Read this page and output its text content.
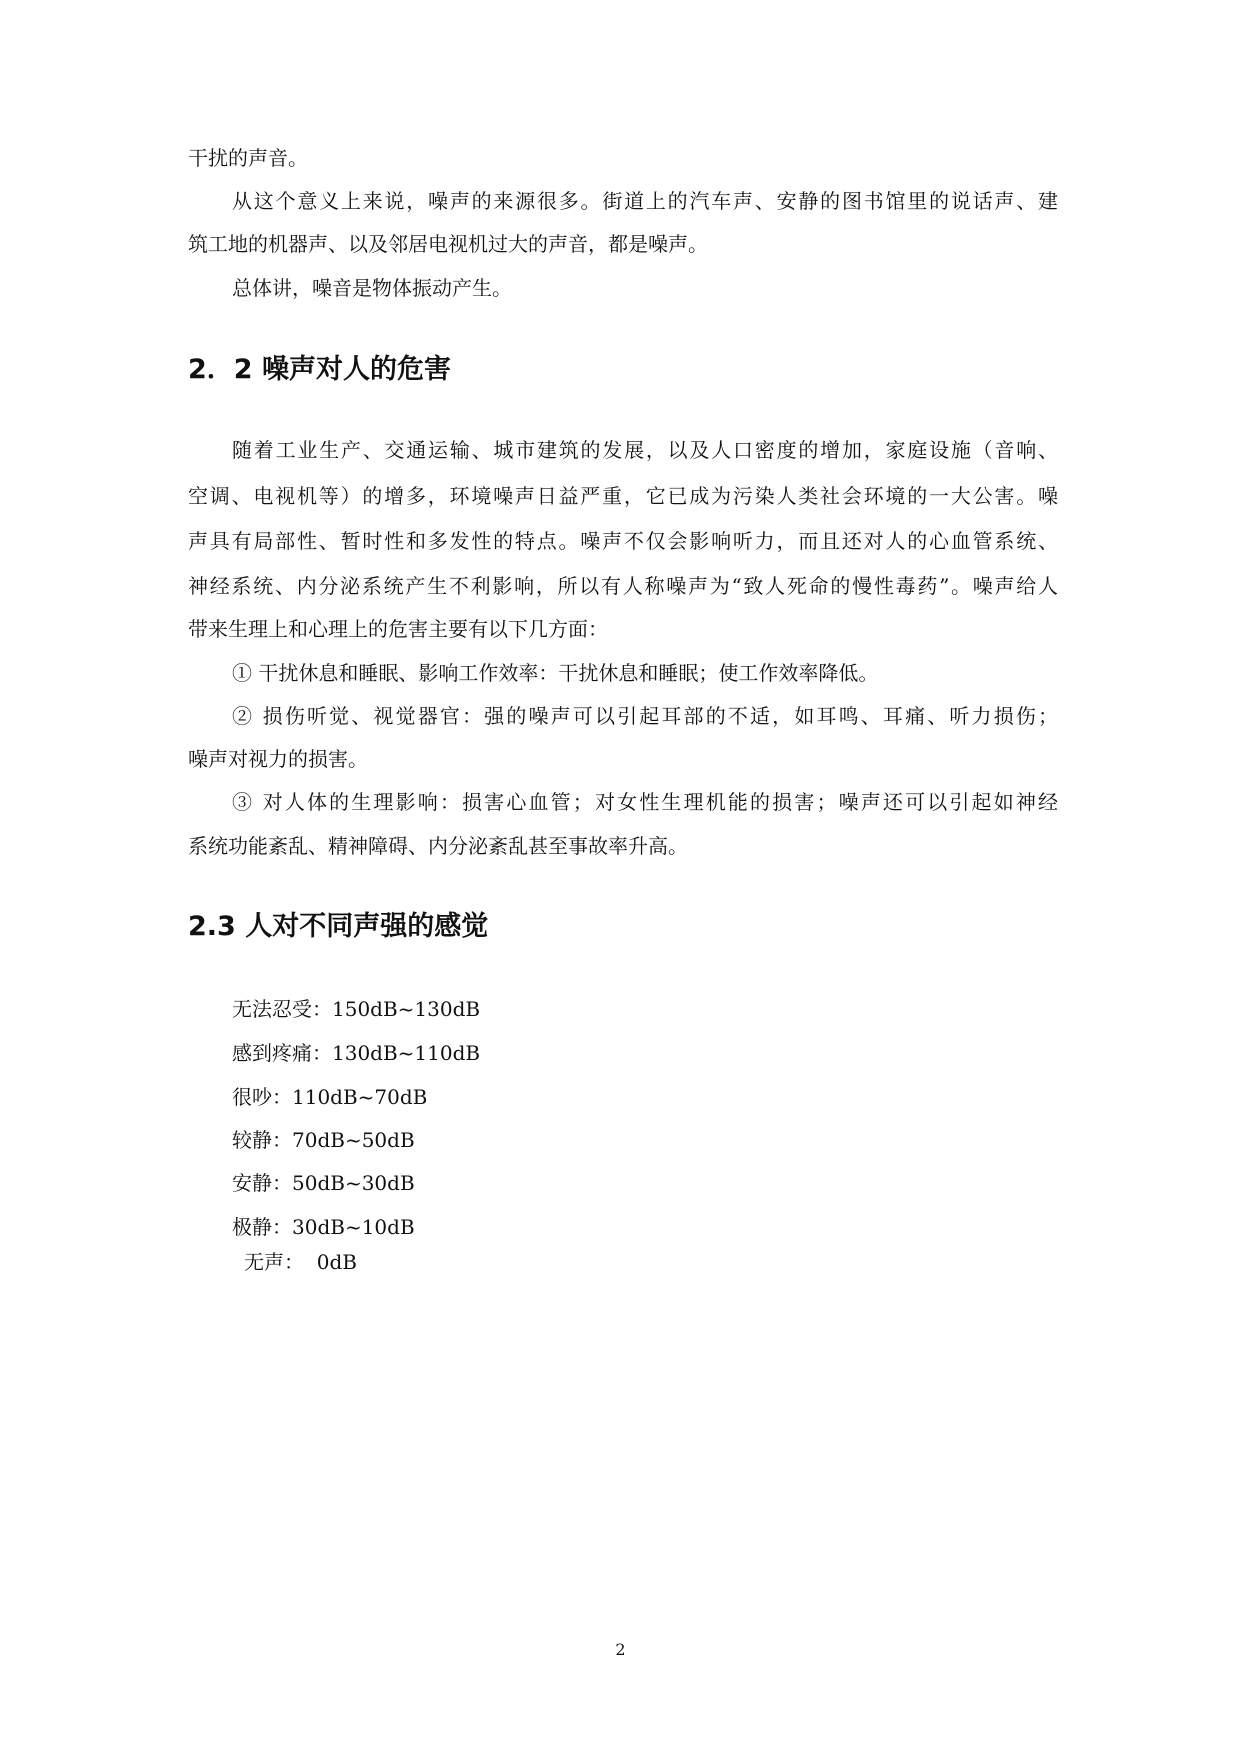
干扰的声音。
从这个意义上来说，噪声的来源很多。街道上的汽车声、安静的图书馆里的说话声、建
筑工地的机器声、以及邻居电视机过大的声音，都是噪声。
总体讲，噪音是物体振动产生。
2．2 噪声对人的危害
随着工业生产、交通运输、城市建筑的发展，以及人口密度的增加，家庭设施（音响、
空调、电视机等）的增多，环境噪声日益严重，它已成为污染人类社会环境的一大公害。噪
声具有局部性、暂时性和多发性的特点。噪声不仅会影响听力，而且还对人的心血管系统、
神经系统、内分泌系统产生不利影响，所以有人称噪声为“致人死命的慢性毒药”。噪声给人
带来生理上和心理上的危害主要有以下几方面：
① 干扰休息和睡眠、影响工作效率：干扰休息和睡眠；使工作效率降低。
② 损伤听觉、视觉器官：强的噪声可以引起耳部的不适，如耳鸣、耳痛、听力损伤；
噪声对视力的损害。
③ 对人体的生理影响：损害心血管；对女性生理机能的损害；噪声还可以引起如神经
系统功能紊乱、精神障碍、内分泌紊乱甚至事故率升高。
2.3 人对不同声强的感觉
无法忍受：150dB~130dB
感到疼痛：130dB~110dB
很吵：110dB~70dB
较静：70dB~50dB
安静：50dB~30dB
极静：30dB~10dB
无声：  0dB
2
